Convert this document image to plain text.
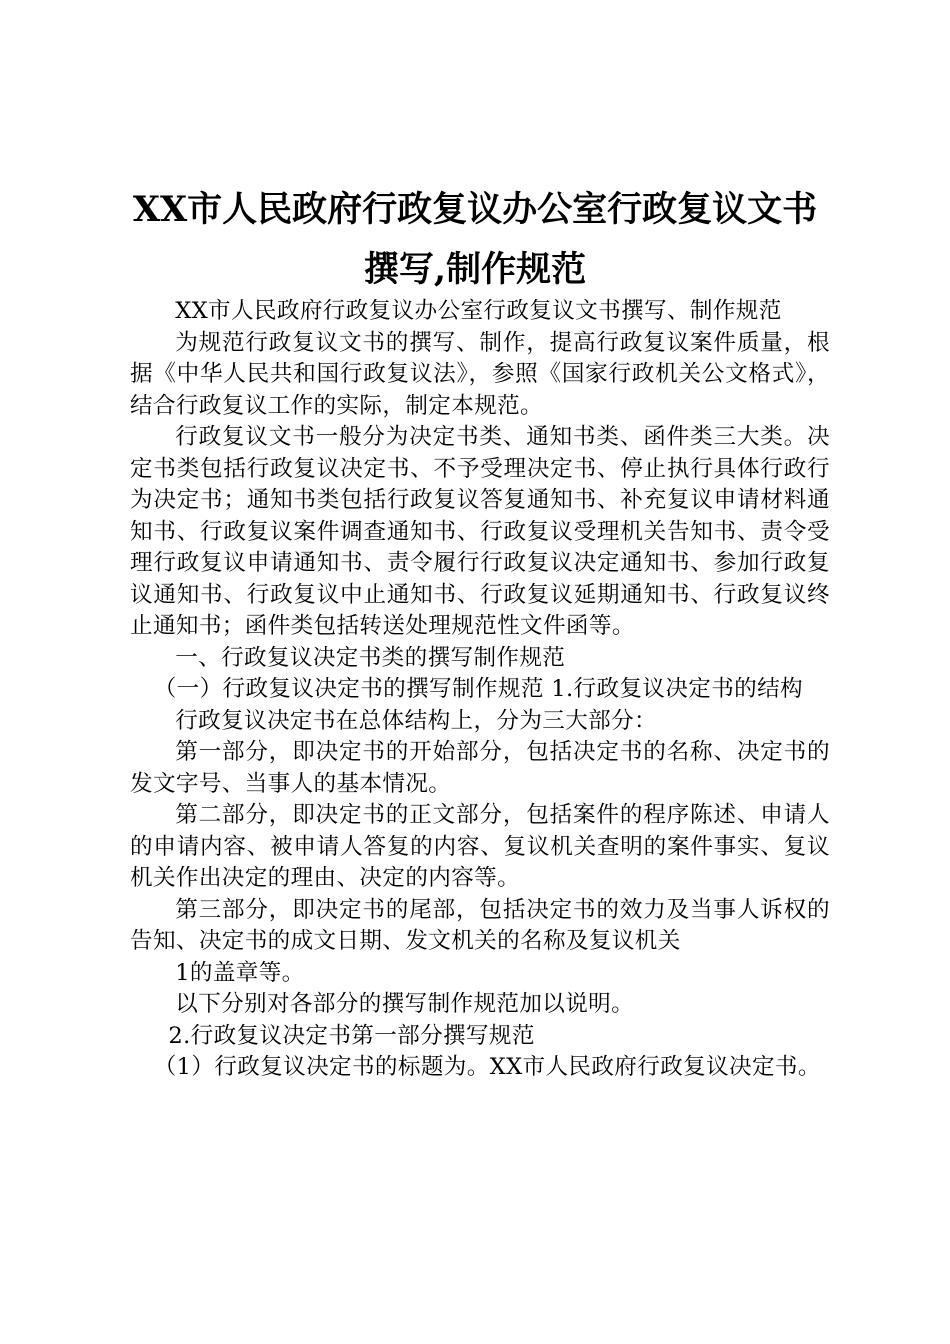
XX市人民政府行政复议办公室行政复议文书
撰写,制作规范

XX市人民政府行政复议办公室行政复议文书撰写、制作规范

为规范行政复议文书的撰写、制作，提高行政复议案件质量，根据《中华人民共和国行政复议法》，参照《国家行政机关公文格式》，结合行政复议工作的实际，制定本规范。

行政复议文书一般分为决定书类、通知书类、函件类三大类。决定书类包括行政复议决定书、不予受理决定书、停止执行具体行政行为决定书；通知书类包括行政复议答复通知书、补充复议申请材料通知书、行政复议案件调查通知书、行政复议受理机关告知书、责令受理行政复议申请通知书、责令履行行政复议决定通知书、参加行政复议通知书、行政复议中止通知书、行政复议延期通知书、行政复议终止通知书；函件类包括转送处理规范性文件函等。

一、行政复议决定书类的撰写制作规范

（一）行政复议决定书的撰写制作规范 1.行政复议决定书的结构

行政复议决定书在总体结构上，分为三大部分：

第一部分，即决定书的开始部分，包括决定书的名称、决定书的发文字号、当事人的基本情况。

第二部分，即决定书的正文部分，包括案件的程序陈述、申请人的申请内容、被申请人答复的内容、复议机关查明的案件事实、复议机关作出决定的理由、决定的内容等。

第三部分，即决定书的尾部，包括决定书的效力及当事人诉权的告知、决定书的成文日期、发文机关的名称及复议机关

1的盖章等。

以下分别对各部分的撰写制作规范加以说明。

2.行政复议决定书第一部分撰写规范

（1）行政复议决定书的标题为。XX市人民政府行政复议决定书。
